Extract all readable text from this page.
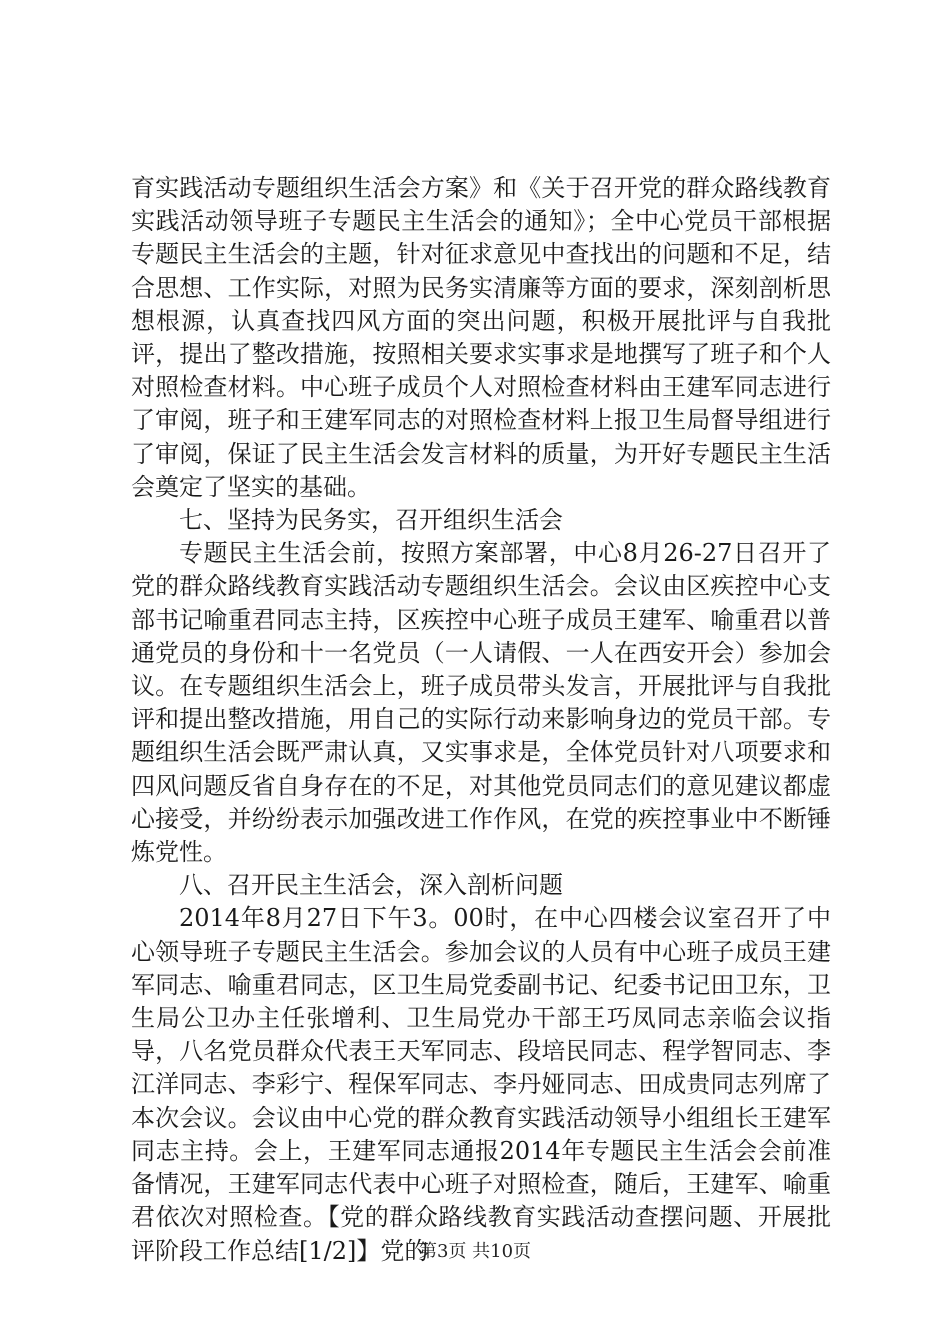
育实践活动专题组织生活会方案》和《关于召开党的群众路线教育实践活动领导班子专题民主生活会的通知》；全中心党员干部根据专题民主生活会的主题，针对征求意见中查找出的问题和不足，结合思想、工作实际，对照为民务实清廉等方面的要求，深刻剖析思想根源，认真查找四风方面的突出问题，积极开展批评与自我批评，提出了整改措施，按照相关要求实事求是地撰写了班子和个人对照检查材料。中心班子成员个人对照检查材料由王建军同志进行了审阅，班子和王建军同志的对照检查材料上报卫生局督导组进行了审阅，保证了民主生活会发言材料的质量，为开好专题民主生活会奠定了坚实的基础。

七、坚持为民务实，召开组织生活会

专题民主生活会前，按照方案部署，中心8月26-27日召开了党的群众路线教育实践活动专题组织生活会。会议由区疾控中心支部书记喻重君同志主持，区疾控中心班子成员王建军、喻重君以普通党员的身份和十一名党员（一人请假、一人在西安开会）参加会议。在专题组织生活会上，班子成员带头发言，开展批评与自我批评和提出整改措施，用自己的实际行动来影响身边的党员干部。专题组织生活会既严肃认真，又实事求是，全体党员针对八项要求和四风问题反省自身存在的不足，对其他党员同志们的意见建议都虚心接受，并纷纷表示加强改进工作作风，在党的疾控事业中不断锤炼党性。

八、召开民主生活会，深入剖析问题

2014年8月27日下午3。00时，在中心四楼会议室召开了中心领导班子专题民主生活会。参加会议的人员有中心班子成员王建军同志、喻重君同志，区卫生局党委副书记、纪委书记田卫东，卫生局公卫办主任张增利、卫生局党办干部王巧凤同志亲临会议指导，八名党员群众代表王天军同志、段培民同志、程学智同志、李江洋同志、李彩宁、程保军同志、李丹娅同志、田成贵同志列席了本次会议。会议由中心党的群众教育实践活动领导小组组长王建军同志主持。会上，王建军同志通报2014年专题民主生活会会前准备情况，王建军同志代表中心班子对照检查，随后，王建军、喻重君依次对照检查。【党的群众路线教育实践活动查摆问题、开展批评阶段工作总结[1/2]】党的

第3页 共10页
